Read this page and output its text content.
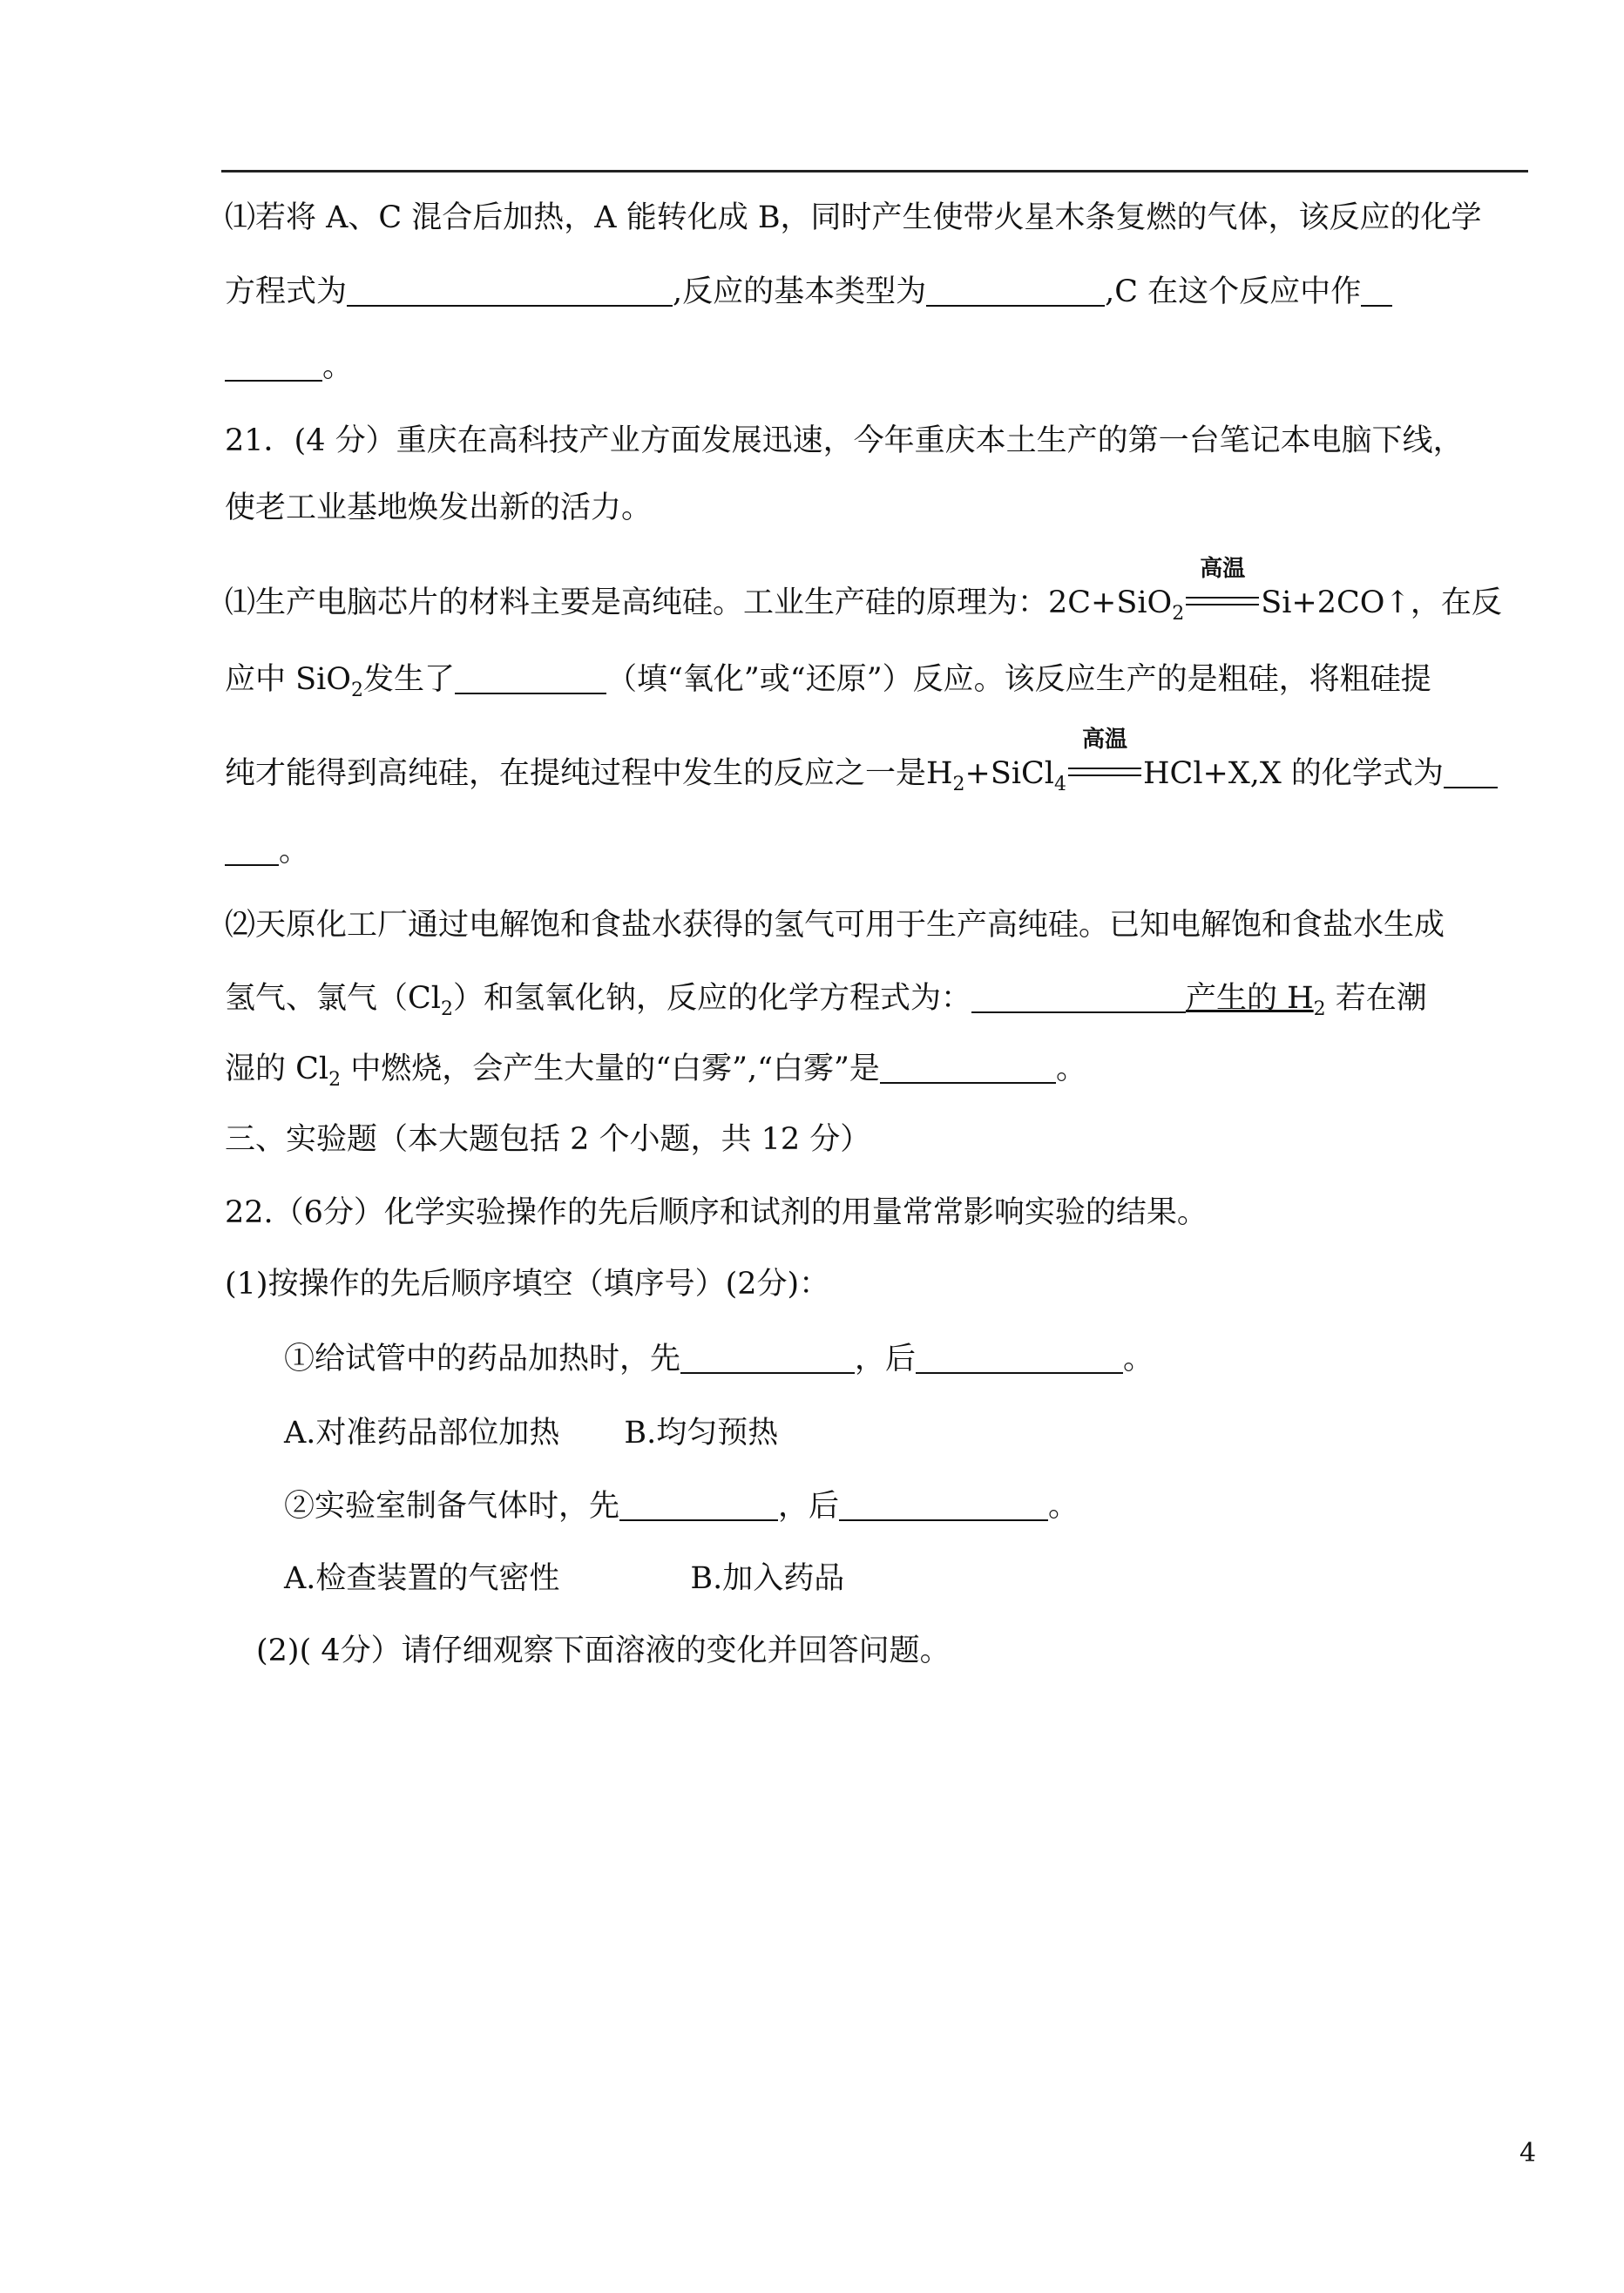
⑴若将 A、C 混合后加热，A 能转化成 B，同时产生使带火星木条复燃的气体，该反应的化学
方程式为	,反应的基本类型为	,C 在这个反应中作
。
21．(4 分）重庆在高科技产业方面发展迅速，今年重庆本土生产的第一台笔记本电脑下线，
使老工业基地焕发出新的活力。
⑴生产电脑芯片的材料主要是高纯硅。工业生产硅的原理为：2C+SiO$_2$
高温
Si+2CO↑，在反
应中 SiO$_2$发生了	（填“氧化”或“还原”）反应。该反应生产的是粗硅，将粗硅提
纯才能得到高纯硅，在提纯过程中发生的反应之一是$H_2+SiCl_4$
高温
HCl+X,X 的化学式为
。
⑵天原化工厂通过电解饱和食盐水获得的氢气可用于生产高纯硅。已知电解饱和食盐水生成
氢气、氯气$(Cl_2)$和氢氧化钠，反应的化学方程式为：	产生的 $H_2$ 若在潮
湿的 $Cl_2$ 中燃烧，会产生大量的“白雾”,“白雾”是	。
三、实验题（本大题包括 2 个小题，共 12 分）
22.（6分）化学实验操作的先后顺序和试剂的用量常常影响实验的结果。
(1)按操作的先后顺序填空（填序号）(2分)：
①给试管中的药品加热时，先	，后	。
A.对准药品部位加热 B.均匀预热
②实验室制备气体时，先	，后	。
A.检查装置的气密性	B.加入药品
(2)( 4分）请仔细观察下面溶液的变化并回答问题。
4
